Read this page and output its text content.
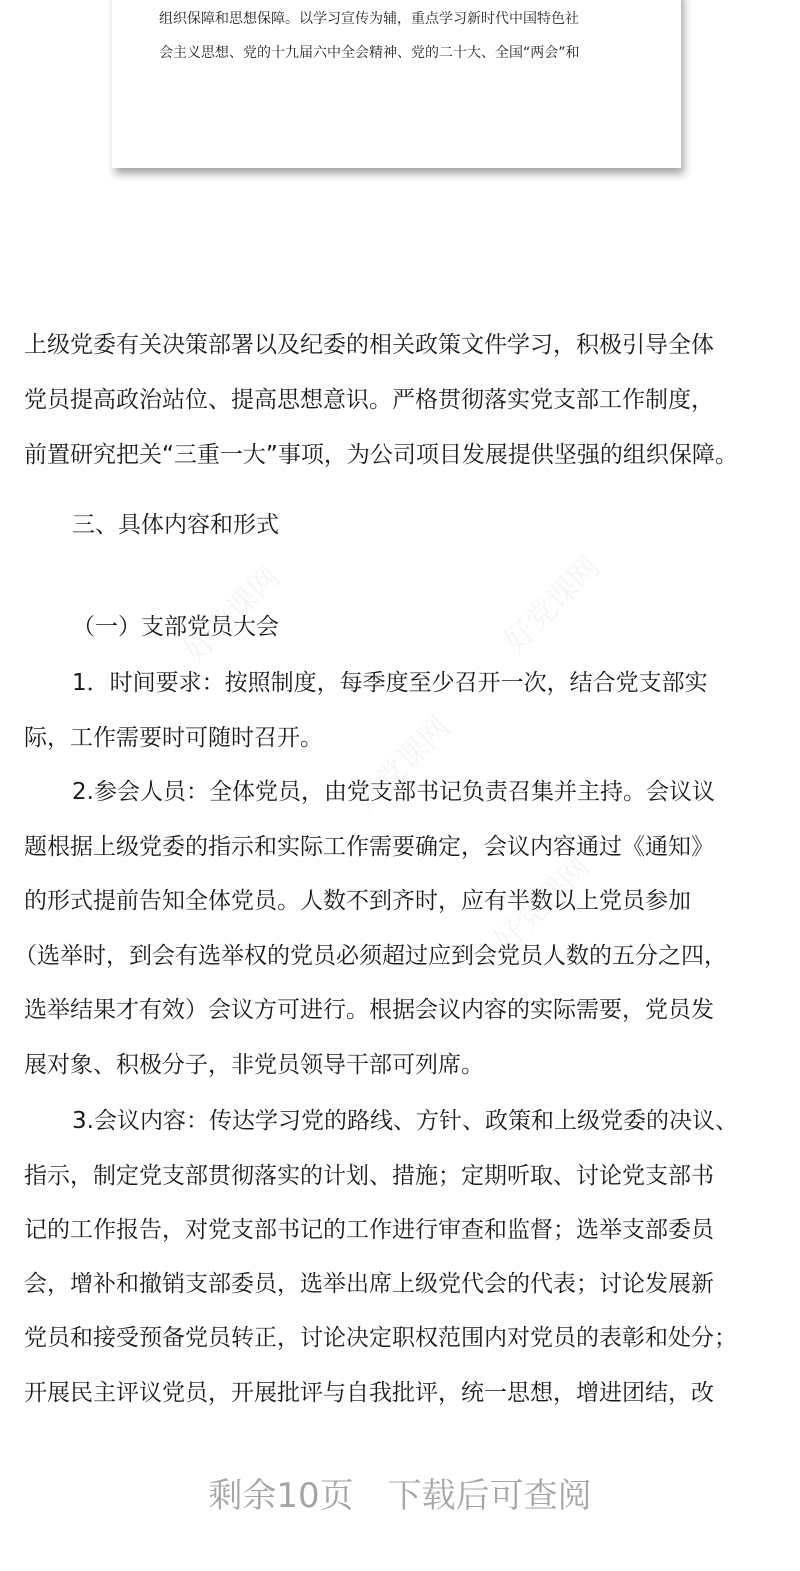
组织保障和思想保障。以学习宣传为辅，重点学习新时代中国特色社
会主义思想、党的十九届六中全会精神、党的二十大、全国“两会”和
上级党委有关决策部署以及纪委的相关政策文件学习，积极引导全体
党员提高政治站位、提高思想意识。严格贯彻落实党支部工作制度，
前置研究把关“三重一大”事项，为公司项目发展提供坚强的组织保障。
三、具体内容和形式
（一）支部党员大会
1．时间要求：按照制度，每季度至少召开一次，结合党支部实
际，工作需要时可随时召开。
2.参会人员：全体党员，由党支部书记负责召集并主持。会议议
题根据上级党委的指示和实际工作需要确定，会议内容通过《通知》
的形式提前告知全体党员。人数不到齐时，应有半数以上党员参加
（选举时，到会有选举权的党员必须超过应到会党员人数的五分之四，
选举结果才有效）会议方可进行。根据会议内容的实际需要，党员发
展对象、积极分子，非党员领导干部可列席。
3.会议内容：传达学习党的路线、方针、政策和上级党委的决议、
指示，制定党支部贯彻落实的计划、措施；定期听取、讨论党支部书
记的工作报告，对党支部书记的工作进行审查和监督；选举支部委员
会，增补和撤销支部委员，选举出席上级党代会的代表；讨论发展新
党员和接受预备党员转正，讨论决定职权范围内对党员的表彰和处分；
开展民主评议党员，开展批评与自我批评，统一思想，增进团结，改
剩余10页 下载后可查阅
